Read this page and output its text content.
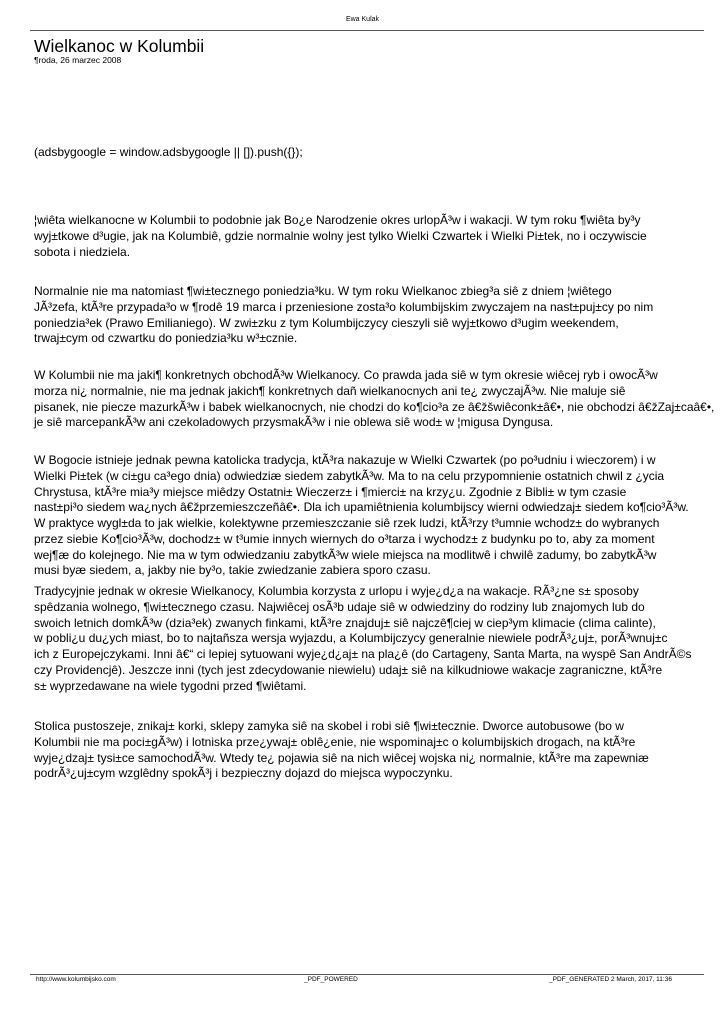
Ewa Kulak
Wielkanoc w Kolumbii
¶roda, 26 marzec 2008
(adsbygoogle = window.adsbygoogle || []).push({});
¦wiêta wielkanocne w Kolumbii to podobnie jak Bo¿e Narodzenie okres urlopÃ³w i wakacji. W tym roku ¶wiêta by³y
wyj±tkowe d³ugie, jak na Kolumbiê, gdzie normalnie wolny jest tylko Wielki Czwartek i Wielki Pi±tek, no i oczywiscie
sobota i niedziela.
Normalnie nie ma natomiast ¶wi±tecznego poniedzia³ku. W tym roku Wielkanoc zbieg³a siê z dniem ¦wiêtego
JÃ³zefa, ktÃ³re przypada³o w ¶rodê 19 marca i przeniesione zosta³o kolumbijskim zwyczajem na nast±puj±cy po nim
poniedzia³ek (Prawo Emilianiego). W zwi±zku z tym Kolumbijczycy cieszyli siê wyj±tkowo d³ugim weekendem,
trwaj±cym od czwartku do poniedzia³ku w³±cznie.
W Kolumbii nie ma jaki¶ konkretnych obchodÃ³w Wielkanocy. Co prawda jada siê w tym okresie wiêcej ryb i owocÃ³w
morza ni¿ normalnie, nie ma jednak jakich¶ konkretnych dañ wielkanocnych ani te¿ zwyczajÃ³w. Nie maluje siê
pisanek, nie piecze mazurkÃ³w i babek wielkanocnych, nie chodzi do ko¶cio³a ze â€žšwiêconk±â€•, nie obchodzi â€žZaj±caâ€•,
je siê marcepankÃ³w ani czekoladowych przysmakÃ³w i nie oblewa siê wod± w ¦migusa Dyngusa.
W Bogocie istnieje jednak pewna katolicka tradycja, ktÃ³ra nakazuje w Wielki Czwartek (po po³udniu i wieczorem) i w
Wielki Pi±tek (w ci±gu ca³ego dnia) odwiedziæ siedem zabytkÃ³w. Ma to na celu przypomnienie ostatnich chwil z ¿ycia
Chrystusa, ktÃ³re mia³y miejsce miêdzy Ostatni± Wieczerz± i ¶mierci± na krzy¿u. Zgodnie z Bibli± w tym czasie
nast±pi³o siedem wa¿nych â€žprzemieszczeñâ€•. Dla ich upamiêtnienia kolumbijscy wierni odwiedzaj± siedem ko¶cio³Ã³w.
W praktyce wygl±da to jak wielkie, kolektywne przemieszczanie siê rzek ludzi, ktÃ³rzy t³umnie wchodz± do wybranych
przez siebie Ko¶cio³Ã³w, dochodz± w t³umie innych wiernych do o³tarza i wychodz± z budynku po to, aby za moment
wej¶æ do kolejnego. Nie ma w tym odwiedzaniu zabytkÃ³w wiele miejsca na modlitwê i chwilê zadumy, bo zabytkÃ³w
musi byæ siedem, a, jakby nie by³o, takie zwiedzanie zabiera sporo czasu.
Tradycyjnie jednak w okresie Wielkanocy, Kolumbia korzysta z urlopu i wyje¿d¿a na wakacje. RÃ³¿ne s± sposoby
spêdzania wolnego, ¶wi±tecznego czasu. Najwiêcej osÃ³b udaje siê w odwiedziny do rodziny lub znajomych lub do
swoich letnich domkÃ³w (dzia³ek) zwanych finkami, ktÃ³re znajduj± siê najczê¶ciej w ciep³ym klimacie (clima calinte),
w pobli¿u du¿ych miast, bo to najtañsza wersja wyjazdu, a Kolumbijczycy generalnie niewiele podrÃ³¿uj±, porÃ³wnuj±c
ich z Europejczykami. Inni â€“ ci lepiej sytuowani wyje¿d¿aj± na pla¿ê (do Cartageny, Santa Marta, na wyspê San AndrÃ©s
czy Providencjê). Jeszcze inni (tych jest zdecydowanie niewielu) udaj± siê na kilkudniowe wakacje zagraniczne, ktÃ³re
s± wyprzedawane na wiele tygodni przed ¶wiêtami.
Stolica pustoszeje, znikaj± korki, sklepy zamyka siê na skobel i robi siê ¶wi±tecznie. Dworce autobusowe (bo w
Kolumbii nie ma poci±gÃ³w) i lotniska prze¿ywaj± oblê¿enie, nie wspominaj±c o kolumbijskich drogach, na ktÃ³re
wyje¿dzaj± tysi±ce samochodÃ³w. Wtedy te¿ pojawia siê na nich wiêcej wojska ni¿ normalnie, ktÃ³re ma zapewniæ
podrÃ³¿uj±cym wzglêdny spokÃ³j i bezpieczny dojazd do miejsca wypoczynku.
http://www.kolumbijsko.com	_PDF_POWERED	_PDF_GENERATED 2 March, 2017, 11:36
